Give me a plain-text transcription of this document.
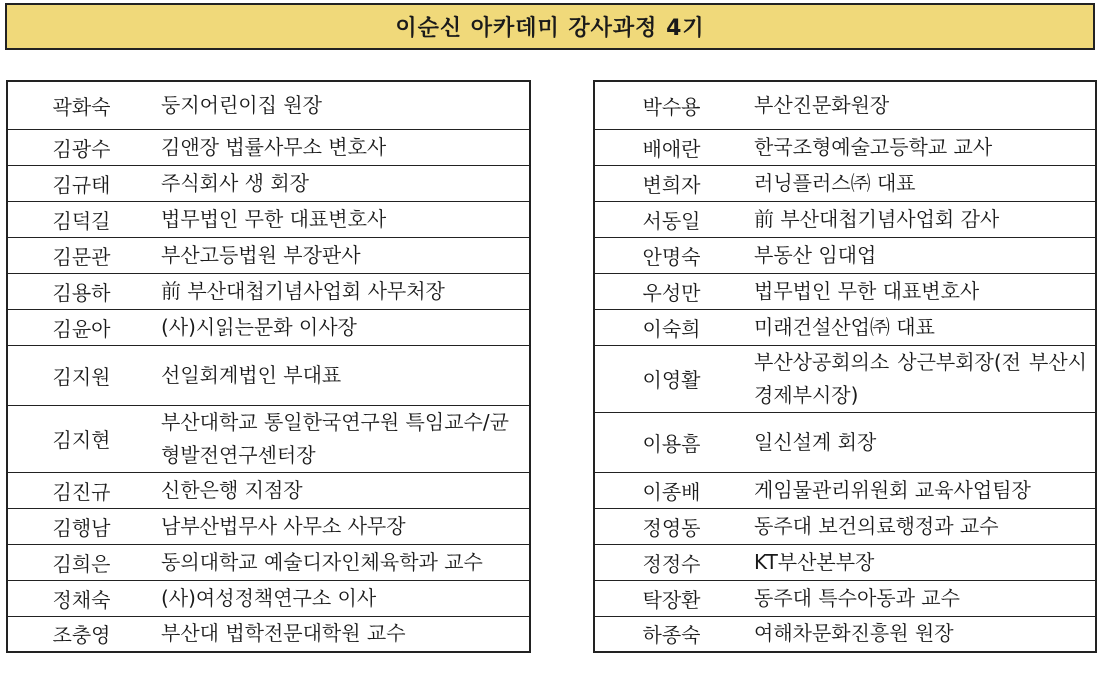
이순신 아카데미 강사과정 4기
곽화숙	둥지어린이집 원장
김광수	김앤장 법률사무소 변호사
김규태	주식회사 생 회장
김덕길	법무법인 무한 대표변호사
김문관	부산고등법원 부장판사
김용하	前 부산대첩기념사업회 사무처장
김윤아	(사)시읽는문화 이사장
김지원	선일회계법인 부대표
김지현	부산대학교 통일한국연구원 특임교수/균형발전연구센터장
김진규	신한은행 지점장
김행남	남부산법무사 사무소 사무장
김희은	동의대학교 예술디자인체육학과 교수
정채숙	(사)여성정책연구소 이사
조충영	부산대 법학전문대학원 교수
박수용	부산진문화원장
배애란	한국조형예술고등학교 교사
변희자	러닝플러스㈜ 대표
서동일	前 부산대첩기념사업회 감사
안명숙	부동산 임대업
우성만	법무법인 무한 대표변호사
이숙희	미래건설산업㈜ 대표
이영활	부산상공회의소 상근부회장(전 부산시 경제부시장)
이용흠	일신설계 회장
이종배	게임물관리위원회 교육사업팀장
정영동	동주대 보건의료행정과 교수
정정수	KT부산본부장
탁장환	동주대 특수아동과 교수
하종숙	여해차문화진흥원 원장
